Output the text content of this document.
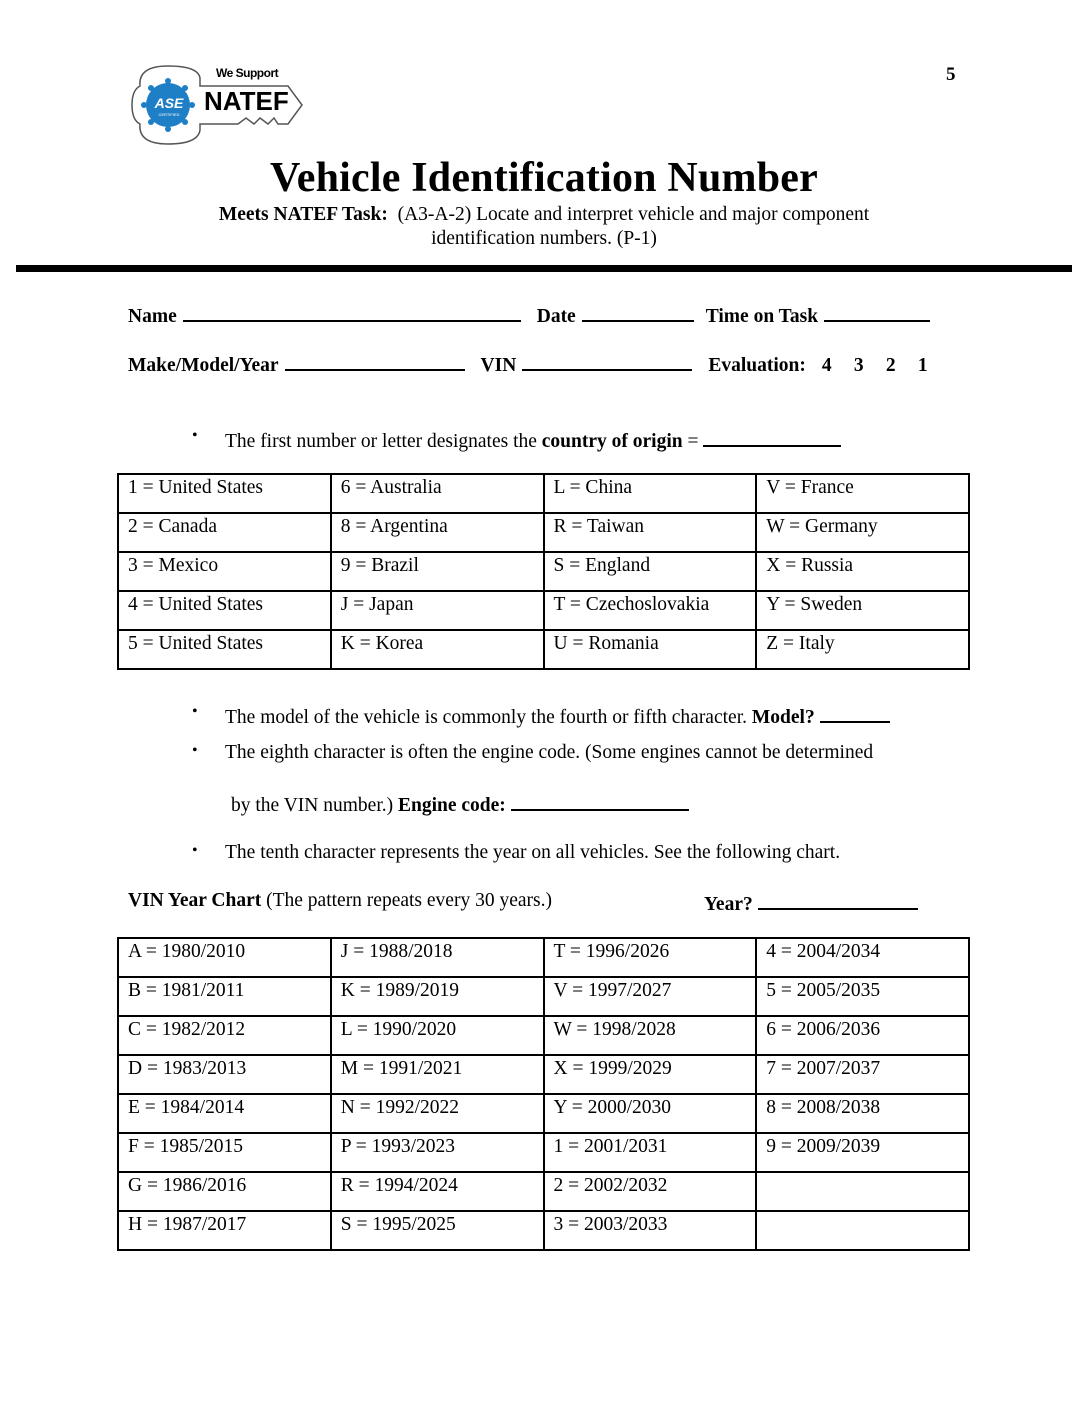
ASE
CERTIFIED
We Support
NATEF
5
Vehicle Identification Number
Meets NATEF Task: (A3-A-2) Locate and interpret vehicle and major component
identification numbers. (P-1)
Name	Date	Time on Task
Make/Model/Year	VIN	Evaluation: 4 3 2 1
• The first number or letter designates the country of origin =
1 = United States	6 = Australia	L = China	V = France
2 = Canada	8 = Argentina	R = Taiwan	W = Germany
3 = Mexico	9 = Brazil	S = England	X = Russia
4 = United States	J = Japan	T = Czechoslovakia	Y = Sweden
5 = United States	K = Korea	U = Romania	Z = Italy
• The model of the vehicle is commonly the fourth or fifth character. Model?
• The eighth character is often the engine code. (Some engines cannot be determined
by the VIN number.) Engine code:
• The tenth character represents the year on all vehicles. See the following chart.
VIN Year Chart (The pattern repeats every 30 years.)	Year?
A = 1980/2010	J = 1988/2018	T = 1996/2026	4 = 2004/2034
B = 1981/2011	K = 1989/2019	V = 1997/2027	5 = 2005/2035
C = 1982/2012	L = 1990/2020	W = 1998/2028	6 = 2006/2036
D = 1983/2013	M = 1991/2021	X = 1999/2029	7 = 2007/2037
E = 1984/2014	N = 1992/2022	Y = 2000/2030	8 = 2008/2038
F = 1985/2015	P = 1993/2023	1 = 2001/2031	9 = 2009/2039
G = 1986/2016	R = 1994/2024	2 = 2002/2032	
H = 1987/2017	S = 1995/2025	3 = 2003/2033	
